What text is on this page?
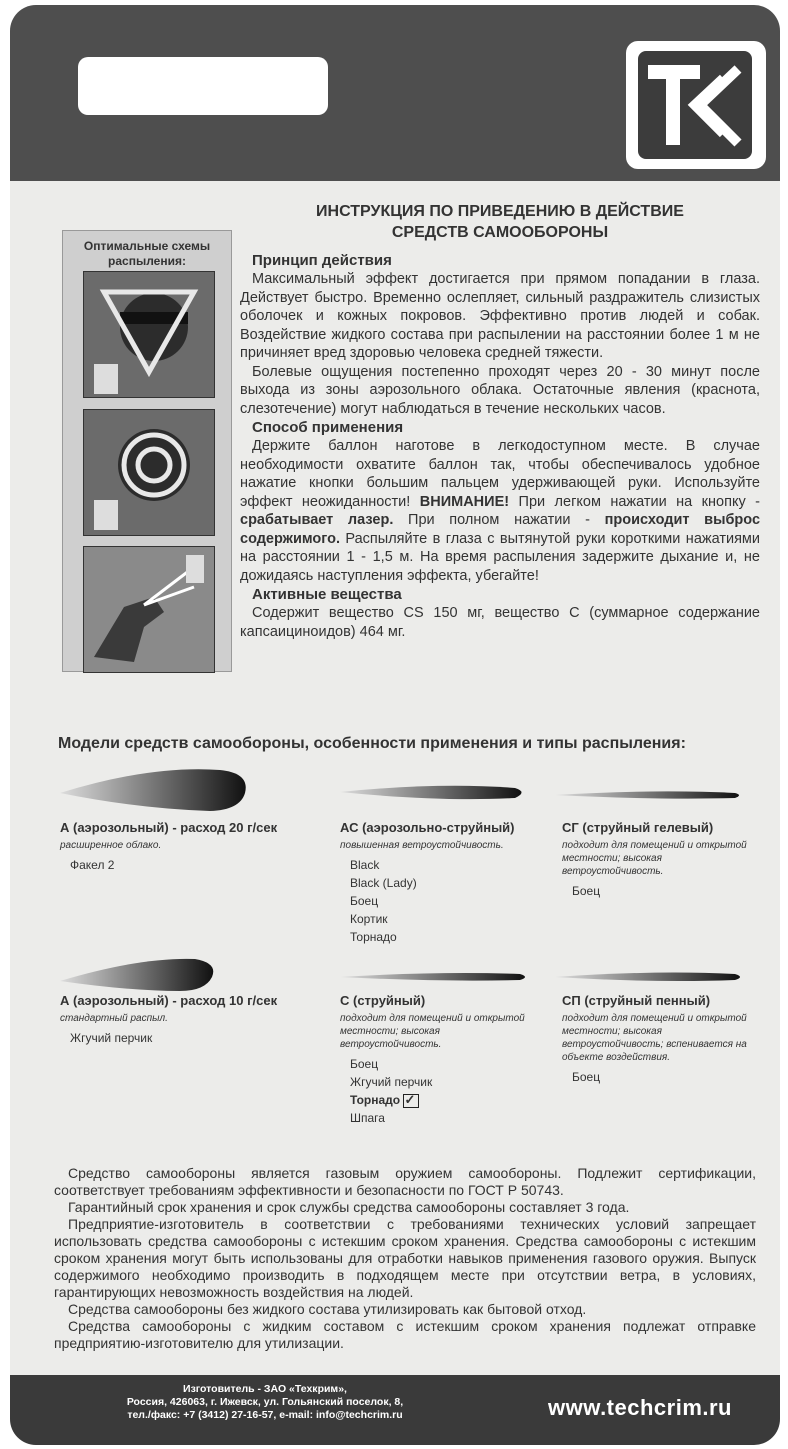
ИНСТРУКЦИЯ ПО ПРИВЕДЕНИЮ В ДЕЙСТВИЕ
СРЕДСТВ САМООБОРОНЫ
Оптимальные схемы распыления:	Принцип действия

Максимальный эффект достигается при прямом попадании в глаза. Действует быстро. Временно ослепляет, сильный раздражитель слизистых оболочек и кожных покровов. Эффективно против людей и собак. Воздействие жидкого состава при распылении на расстоянии более 1 м не причиняет вред здоровью человека средней тяжести.

Болевые ощущения постепенно проходят через 20 - 30 минут после выхода из зоны аэрозольного облака. Остаточные явления (краснота, слезотечение) могут наблюдаться в течение нескольких часов.

Способ применения

Держите баллон наготове в легкодоступном месте. В случае необходимости охватите баллон так, чтобы обеспечивалось удобное нажатие кнопки большим пальцем удерживающей руки. Используйте эффект неожиданности! ВНИМАНИЕ! При легком нажатии на кнопку - срабатывает лазер. При полном нажатии - происходит выброс содержимого. Распыляйте в глаза с вытянутой руки короткими нажатиями на расстоянии 1 - 1,5 м. На время распыления задержите дыхание и, не дожидаясь наступления эффекта, убегайте!

Активные вещества

Содержит вещество CS 150 мг, вещество С (суммарное содержание капсаициноидов) 464 мг.

Модели средств самообороны, особенности применения и типы распыления:
А (аэрозольный) - расход 20 г/сек
расширенное облако.
Факел 2
АС (аэрозольно-струйный)
повышенная ветроустойчивость.
Black
Black (Lady)
Боец
Кортик
Торнадо
СГ (струйный гелевый)
подходит для помещений и открытой местности; высокая ветроустойчивость.
Боец
А (аэрозольный) - расход 10 г/сек
стандартный распыл.
Жгучий перчик
С (струйный)
подходит для помещений и открытой местности; высокая ветроустойчивость.
Боец
Жгучий перчик
Торнадо ✓
Шпага
СП (струйный пенный)
подходит для помещений и открытой местности; высокая ветроустойчивость; вспенивается на объекте воздействия.
Боец

Средство самообороны является газовым оружием самообороны. Подлежит сертификации, соответствует требованиям эффективности и безопасности по ГОСТ Р 50743.

Гарантийный срок хранения и срок службы средства самообороны составляет 3 года.

Предприятие-изготовитель в соответствии с требованиями технических условий запрещает использовать средства самообороны с истекшим сроком хранения. Средства самообороны с истекшим сроком хранения могут быть использованы для отработки навыков применения газового оружия. Выпуск содержимого необходимо производить в подходящем месте при отсутствии ветра, в условиях, гарантирующих невозможность воздействия на людей.

Средства самообороны без жидкого состава утилизировать как бытовой отход.

Средства самообороны с жидким составом с истекшим сроком хранения подлежат отправке предприятию-изготовителю для утилизации.

Изготовитель - ЗАО «Техкрим»,
Россия, 426063, г. Ижевск, ул. Гольянский поселок, 8,
тел./факс: +7 (3412) 27-16-57, e-mail: info@techcrim.ru	www.techcrim.ru
